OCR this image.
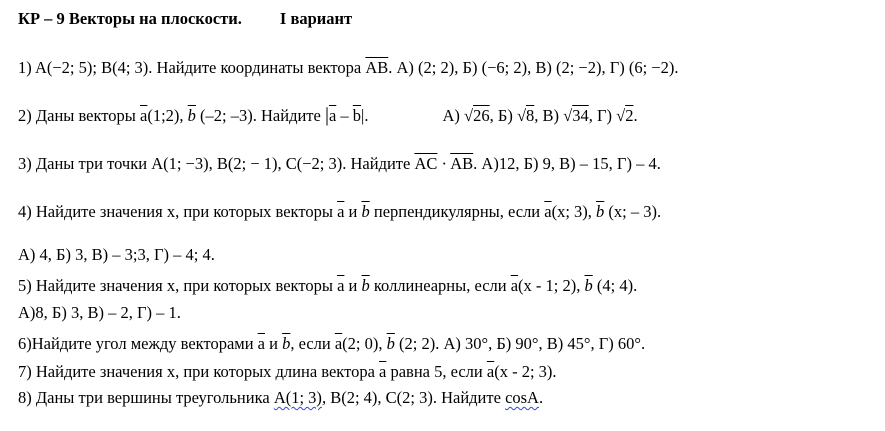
КР – 9 Векторы на плоскости. I вариант
1) A(−2; 5); B(4; 3). Найдите координаты вектора $\overline{AB}$. А) (2; 2), Б) (−6; 2), В) (2; −2), Г) (6; −2).
2) Даны векторы $\overline{a}(1;2)$, $\overline{b}$ (–2; –3). Найдите $|\overline{a} - \overline{b}|$.	А) √26, Б) √8, В) √34, Г) √2.
3) Даны три точки А(1; −3), В(2; − 1), С(−2; 3). Найдите $\overline{AC} \cdot \overline{AB}$. А)12, Б) 9, В) – 15, Г) – 4.
4) Найдите значения х, при которых векторы $\overline{a}$ и $\overline{b}$ перпендикулярны, если $\overline{a}(x$; 3), $\overline{b}$ (x; – 3).
А) 4, Б) 3, В) – 3;3, Г) – 4; 4.
5) Найдите значения х, при которых векторы $\overline{a}$ и $\overline{b}$ коллинеарны, если $\overline{a}(x - 1$; 2), $\overline{b}$ (4; 4).
А)8, Б) 3, В) – 2, Г) – 1.
6)Найдите угол между векторами $\overline{a}$ и $\overline{b}$, если $\overline{a}(2$; 0), $\overline{b}$ (2; 2). А) 30°, Б) 90°, В) 45°, Г) 60°.
7) Найдите значения х, при которых длина вектора $\overline{a}$ равна 5, если $\overline{a}(x - 2$; 3).
8) Даны три вершины треугольника А(1; 3), В(2; 4), С(2; 3). Найдите cosA.
